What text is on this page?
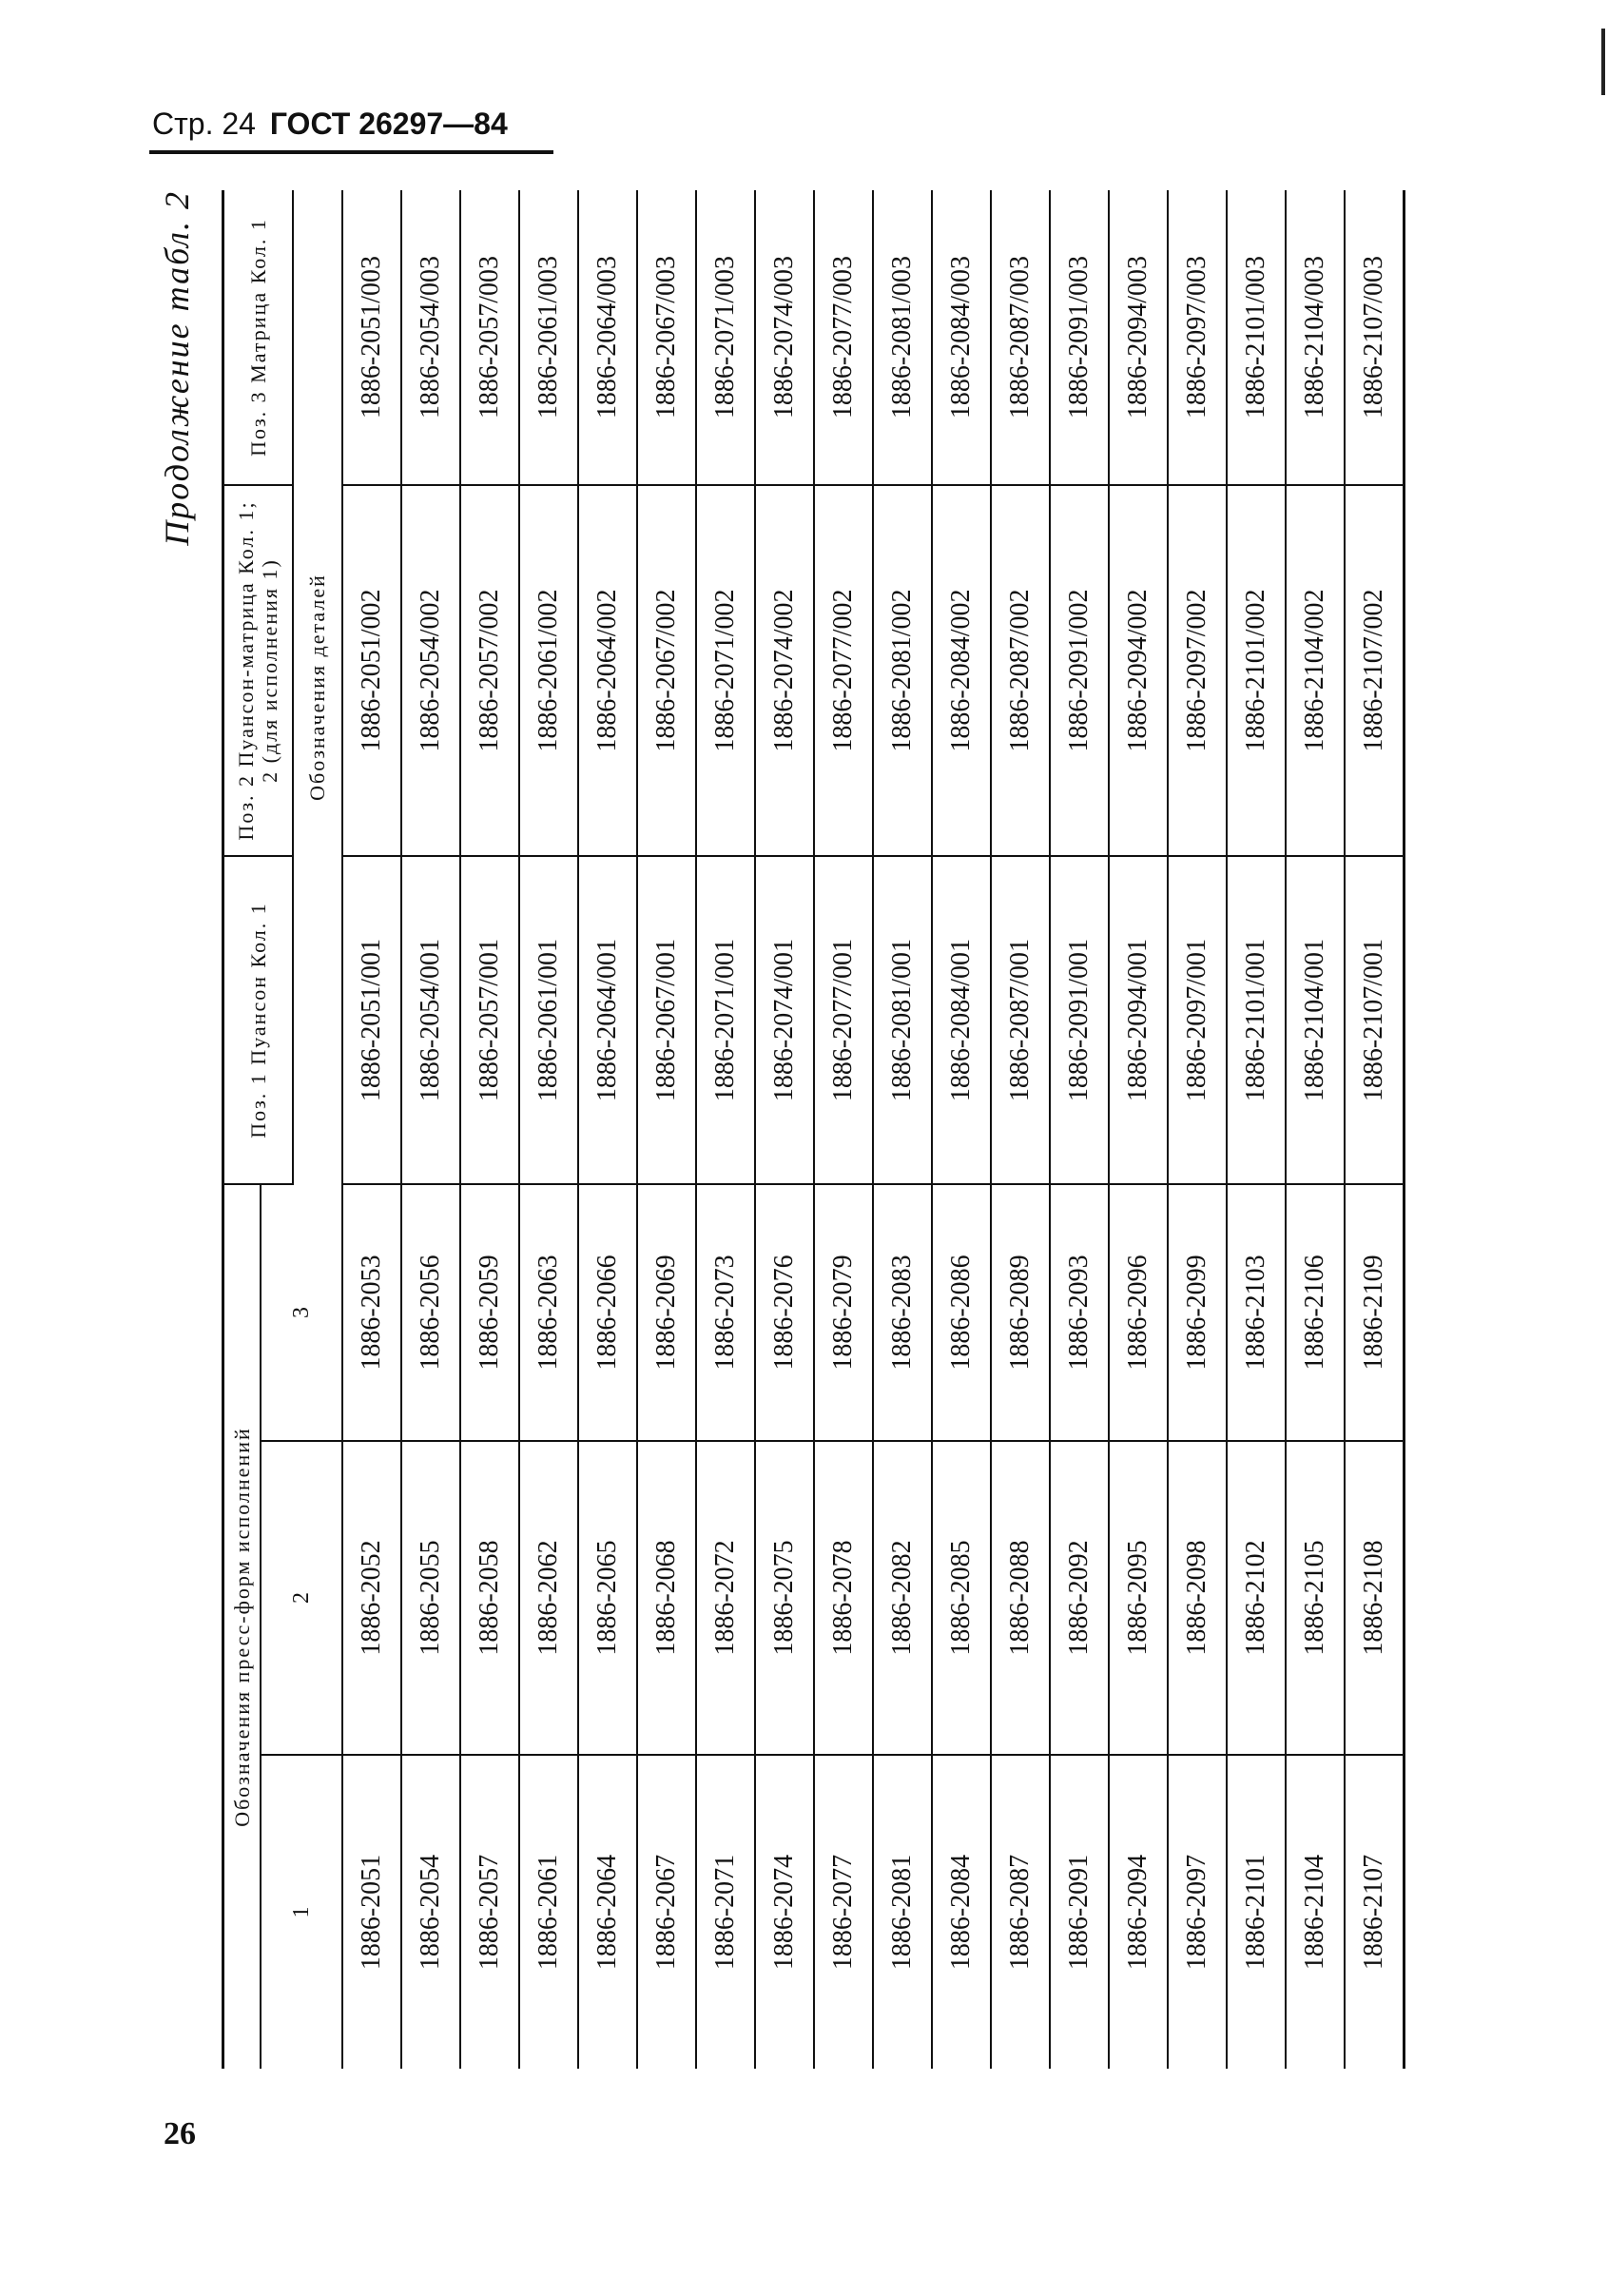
Стр. 24 ГОСТ 26297—84
Продолжение табл. 2
Обозначения пресс-форм исполнений			Поз. 1 Пуансон Кол. 1	Поз. 2 Пуансон-матрица Кол. 1; 2 (для исполнения 1)	Поз. 3 Матрица Кол. 1
1	2	3			
			Обозначения деталей		
1886-2051	1886-2052	1886-2053	1886-2051/001	1886-2051/002	1886-2051/003
1886-2054	1886-2055	1886-2056	1886-2054/001	1886-2054/002	1886-2054/003
1886-2057	1886-2058	1886-2059	1886-2057/001	1886-2057/002	1886-2057/003
1886-2061	1886-2062	1886-2063	1886-2061/001	1886-2061/002	1886-2061/003
1886-2064	1886-2065	1886-2066	1886-2064/001	1886-2064/002	1886-2064/003
1886-2067	1886-2068	1886-2069	1886-2067/001	1886-2067/002	1886-2067/003
1886-2071	1886-2072	1886-2073	1886-2071/001	1886-2071/002	1886-2071/003
1886-2074	1886-2075	1886-2076	1886-2074/001	1886-2074/002	1886-2074/003
1886-2077	1886-2078	1886-2079	1886-2077/001	1886-2077/002	1886-2077/003
1886-2081	1886-2082	1886-2083	1886-2081/001	1886-2081/002	1886-2081/003
1886-2084	1886-2085	1886-2086	1886-2084/001	1886-2084/002	1886-2084/003
1886-2087	1886-2088	1886-2089	1886-2087/001	1886-2087/002	1886-2087/003
1886-2091	1886-2092	1886-2093	1886-2091/001	1886-2091/002	1886-2091/003
1886-2094	1886-2095	1886-2096	1886-2094/001	1886-2094/002	1886-2094/003
1886-2097	1886-2098	1886-2099	1886-2097/001	1886-2097/002	1886-2097/003
1886-2101	1886-2102	1886-2103	1886-2101/001	1886-2101/002	1886-2101/003
1886-2104	1886-2105	1886-2106	1886-2104/001	1886-2104/002	1886-2104/003
1886-2107	1886-2108	1886-2109	1886-2107/001	1886-2107/002	1886-2107/003
26
